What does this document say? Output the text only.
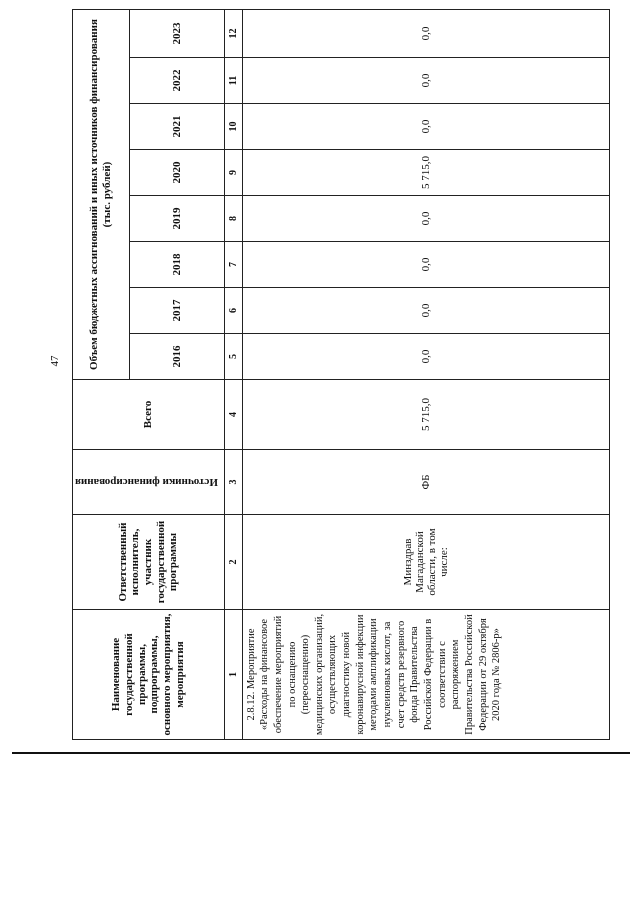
47
Наименование государственной программы, подпрограммы, основного мероприятия, мероприятия	Ответственный исполнитель, участник государственной программы	Источники финансирования	Всего	Объем бюджетных ассигнований и иных источников финансирования (тыс. рублей)							
				2016	2017	2018	2019	2020	2021	2022	2023
1	2	3	4	5	6	7	8	9	10	11	12
2.8.12. Мероприятие «Расходы на финансовое обеспечение мероприятий по оснащению (переоснащению) медицинских организаций, осуществляющих диагностику новой коронавирусной инфекции методами амплификации нуклеиновых кислот, за счет средств резервного фонда Правительства Российской Федерации в соответствии с распоряжением Правительства Российской Федерации от 29 октября 2020 года № 2806-р»	Минздрав Магаданской области, в том числе:	ФБ	5 715,0	0,0	0,0	0,0	0,0	5 715,0	0,0	0,0	0,0
